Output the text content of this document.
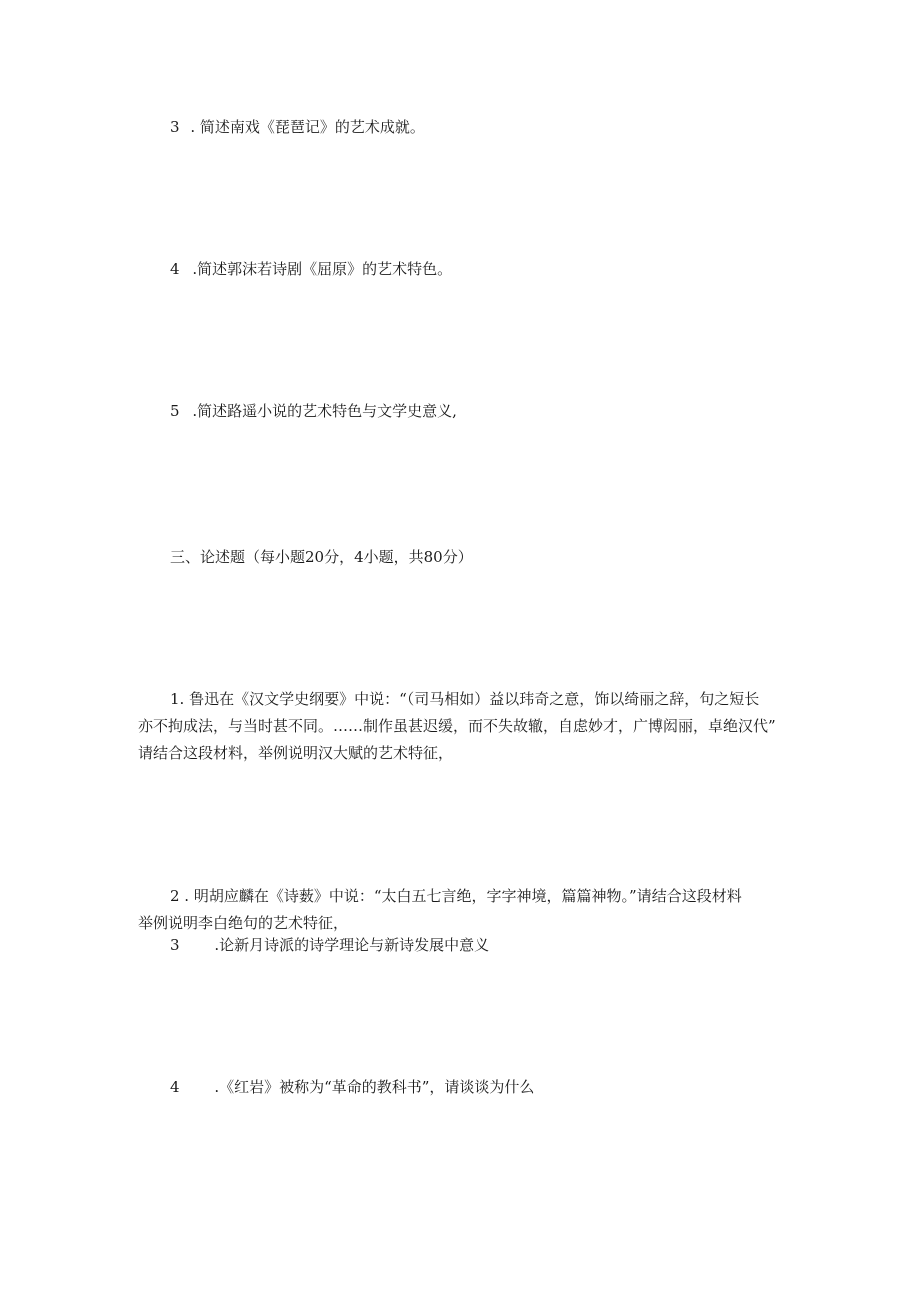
3 . 简述南戏《琵琶记》的艺术成就。
4 .简述郭沫若诗剧《屈原》的艺术特色。
5 .简述路遥小说的艺术特色与文学史意义,
三、论述题（每小题20分，4小题，共80分）
1. 鲁迅在《汉文学史纲要》中说：“（司马相如）益以玮奇之意，饰以绮丽之辞，句之短长
亦不拘成法，与当时甚不同。……制作虽甚迟缓，而不失故辙，自虑妙才，广博闳丽，卓绝汉代”
请结合这段材料，举例说明汉大赋的艺术特征，
2 . 明胡应麟在《诗薮》中说：“太白五七言绝，字字神境，篇篇神物。”请结合这段材料
举例说明李白绝句的艺术特征，
3 .论新月诗派的诗学理论与新诗发展中意义
4 .《红岩》被称为“革命的教科书”，请谈谈为什么
